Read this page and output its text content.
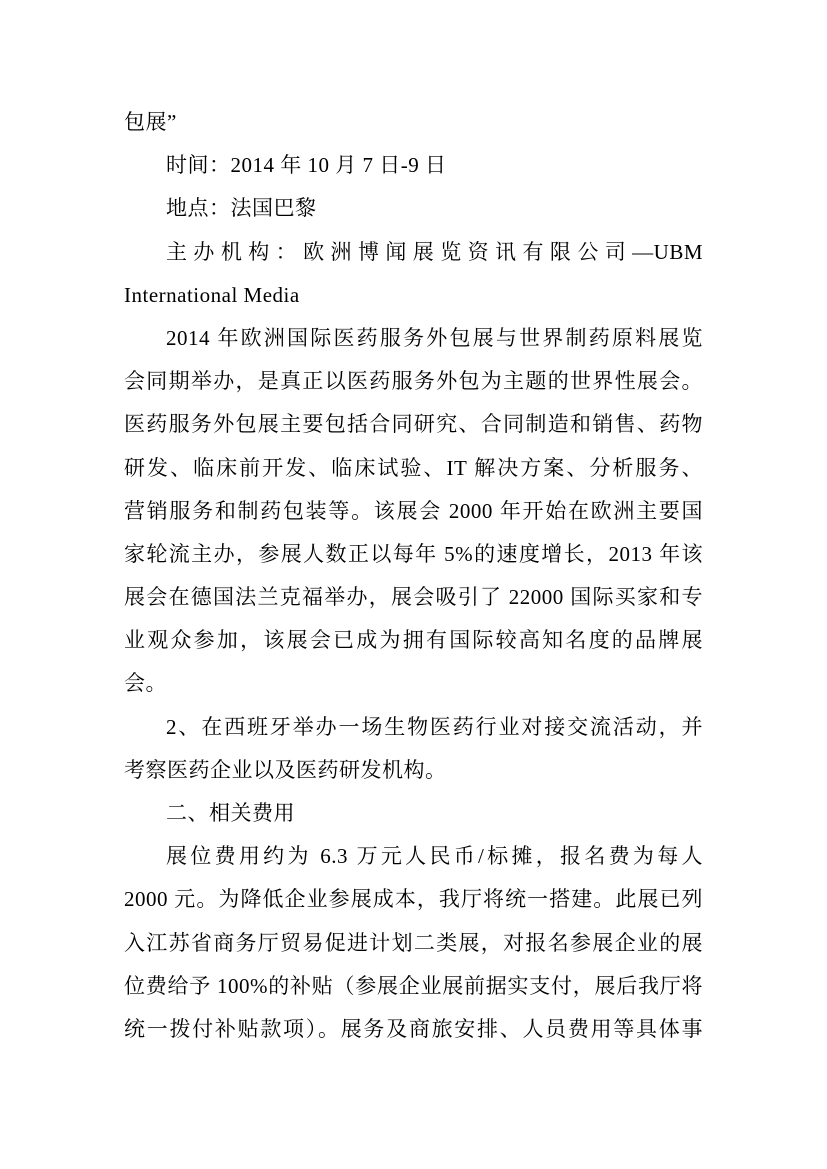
包展”
时间：2014 年 10 月 7 日-9 日
地点：法国巴黎
主办机构：欧洲博闻展览资讯有限公司—UBM
International Media
2014 年欧洲国际医药服务外包展与世界制药原料展览
会同期举办，是真正以医药服务外包为主题的世界性展会。
医药服务外包展主要包括合同研究、合同制造和销售、药物
研发、临床前开发、临床试验、IT 解决方案、分析服务、
营销服务和制药包装等。该展会 2000 年开始在欧洲主要国
家轮流主办，参展人数正以每年 5%的速度增长，2013 年该
展会在德国法兰克福举办，展会吸引了 22000 国际买家和专
业观众参加，该展会已成为拥有国际较高知名度的品牌展
会。
2、在西班牙举办一场生物医药行业对接交流活动，并
考察医药企业以及医药研发机构。
二、相关费用
展位费用约为 6.3 万元人民币/标摊，报名费为每人
2000 元。为降低企业参展成本，我厅将统一搭建。此展已列
入江苏省商务厅贸易促进计划二类展，对报名参展企业的展
位费给予 100%的补贴（参展企业展前据实支付，展后我厅将
统一拨付补贴款项）。展务及商旅安排、人员费用等具体事
